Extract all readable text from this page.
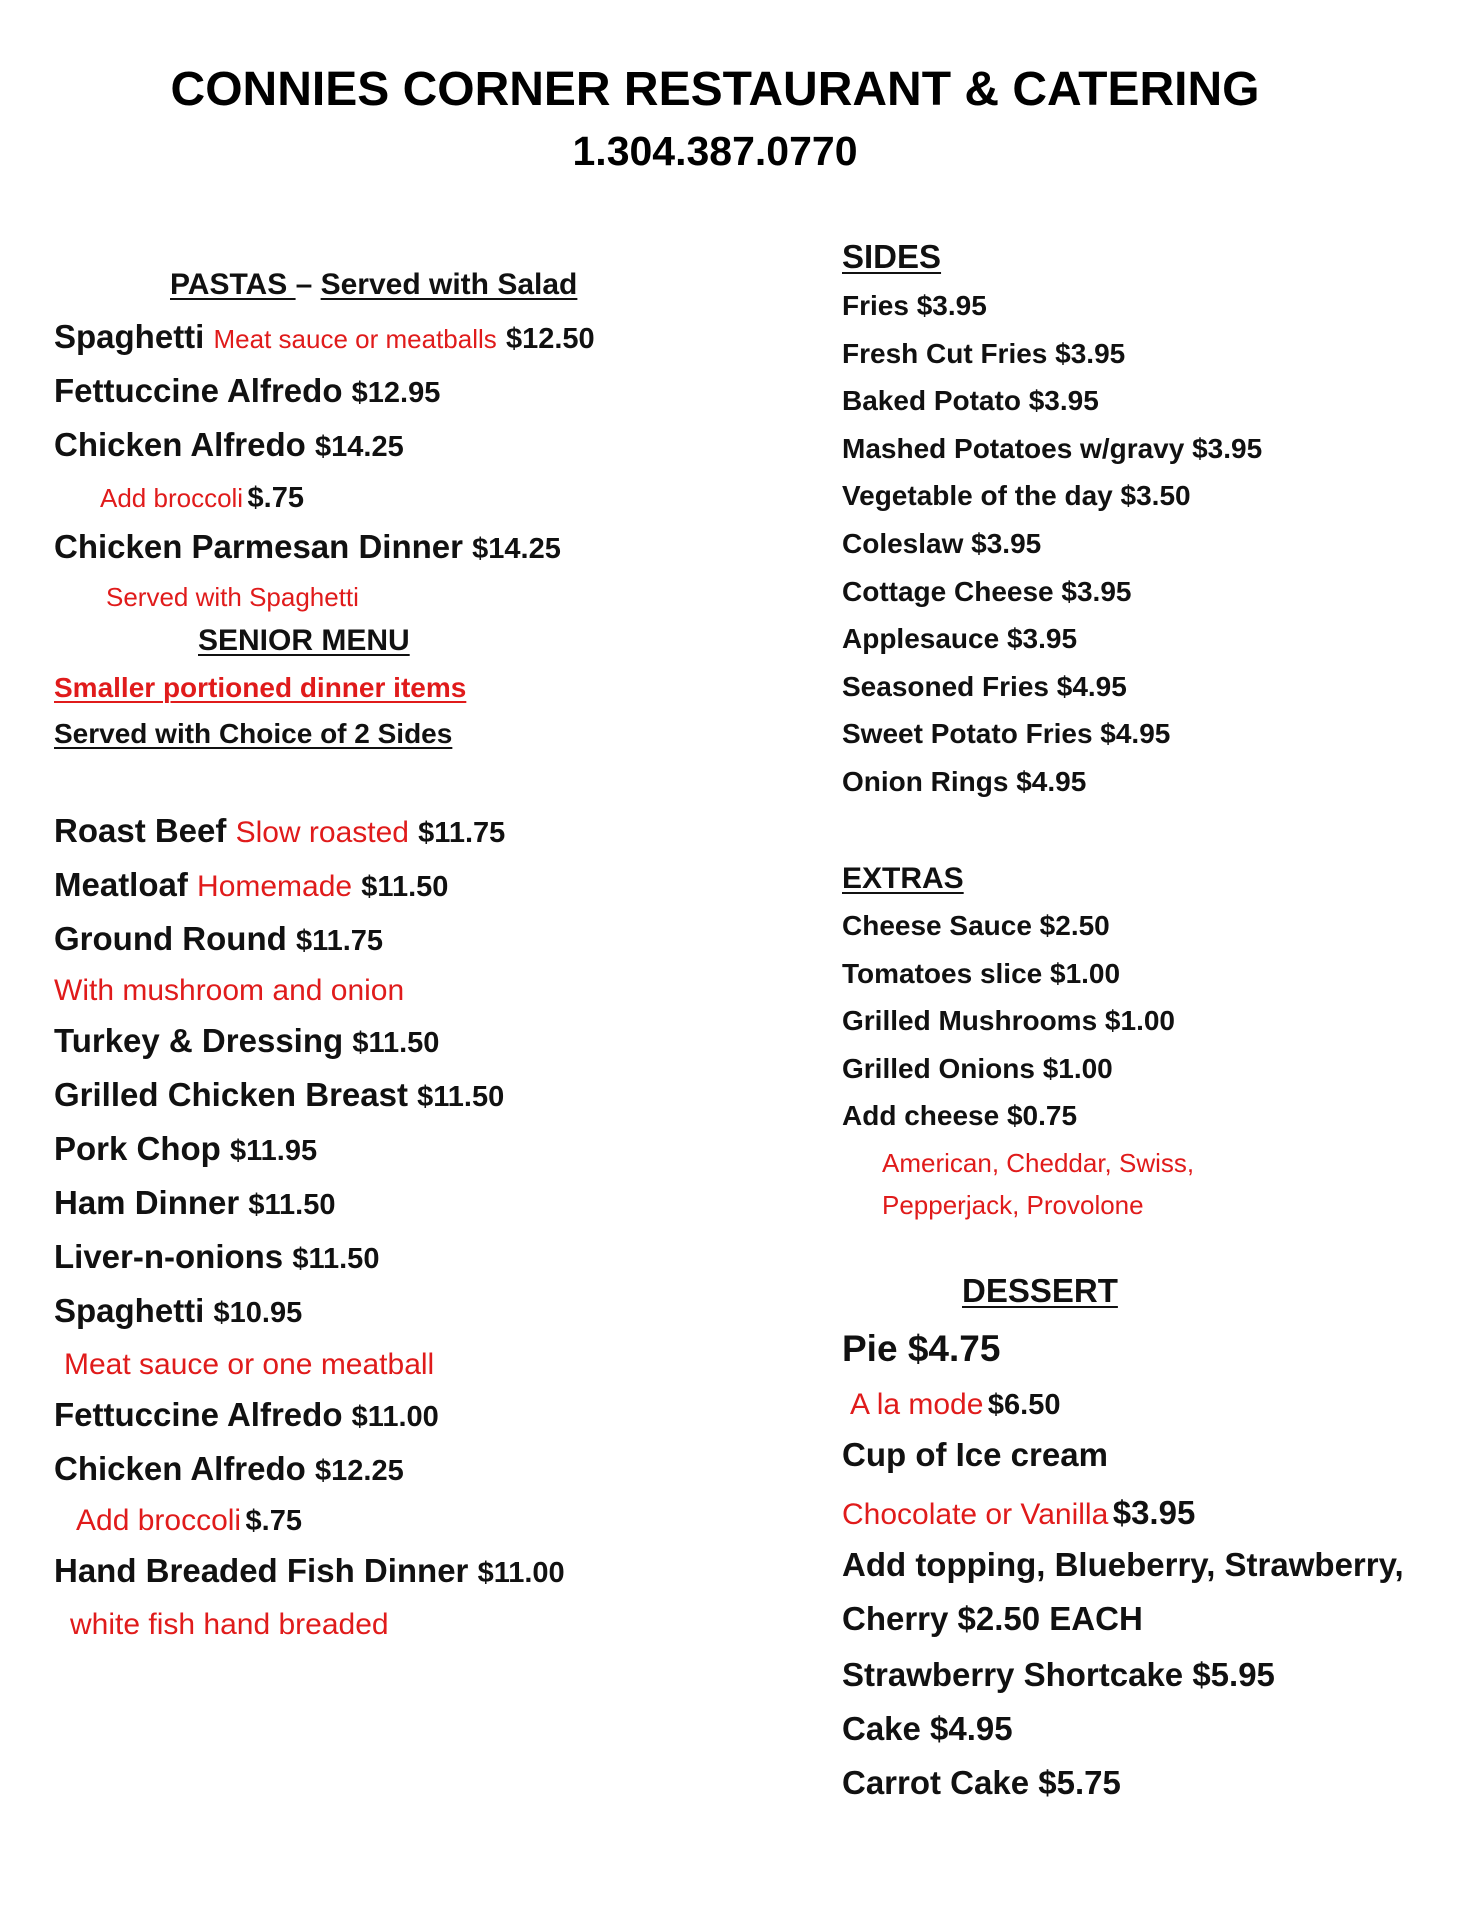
CONNIES CORNER RESTAURANT & CATERING
1.304.387.0770
PASTAS – Served with Salad
Spaghetti Meat sauce or meatballs $12.50
Fettuccine Alfredo $12.95
Chicken Alfredo $14.25
Add broccoli $.75
Chicken Parmesan Dinner $14.25
Served with Spaghetti
SENIOR MENU
Smaller portioned dinner items
Served with Choice of 2 Sides
Roast Beef Slow roasted $11.75
Meatloaf Homemade $11.50
Ground Round $11.75
With mushroom and onion
Turkey & Dressing $11.50
Grilled Chicken Breast $11.50
Pork Chop $11.95
Ham Dinner $11.50
Liver-n-onions $11.50
Spaghetti $10.95
Meat sauce or one meatball
Fettuccine Alfredo $11.00
Chicken Alfredo $12.25
Add broccoli $.75
Hand Breaded Fish Dinner $11.00
white fish hand breaded
SIDES
Fries $3.95
Fresh Cut Fries $3.95
Baked Potato $3.95
Mashed Potatoes w/gravy $3.95
Vegetable of the day $3.50
Coleslaw $3.95
Cottage Cheese $3.95
Applesauce $3.95
Seasoned Fries $4.95
Sweet Potato Fries $4.95
Onion Rings $4.95
EXTRAS
Cheese Sauce $2.50
Tomatoes slice $1.00
Grilled Mushrooms $1.00
Grilled Onions $1.00
Add cheese $0.75
American, Cheddar, Swiss,
Pepperjack, Provolone
DESSERT
Pie $4.75
A la mode $6.50
Cup of Ice cream
Chocolate or Vanilla $3.95
Add topping, Blueberry, Strawberry,
Cherry $2.50 EACH
Strawberry Shortcake $5.95
Cake $4.95
Carrot Cake $5.75
